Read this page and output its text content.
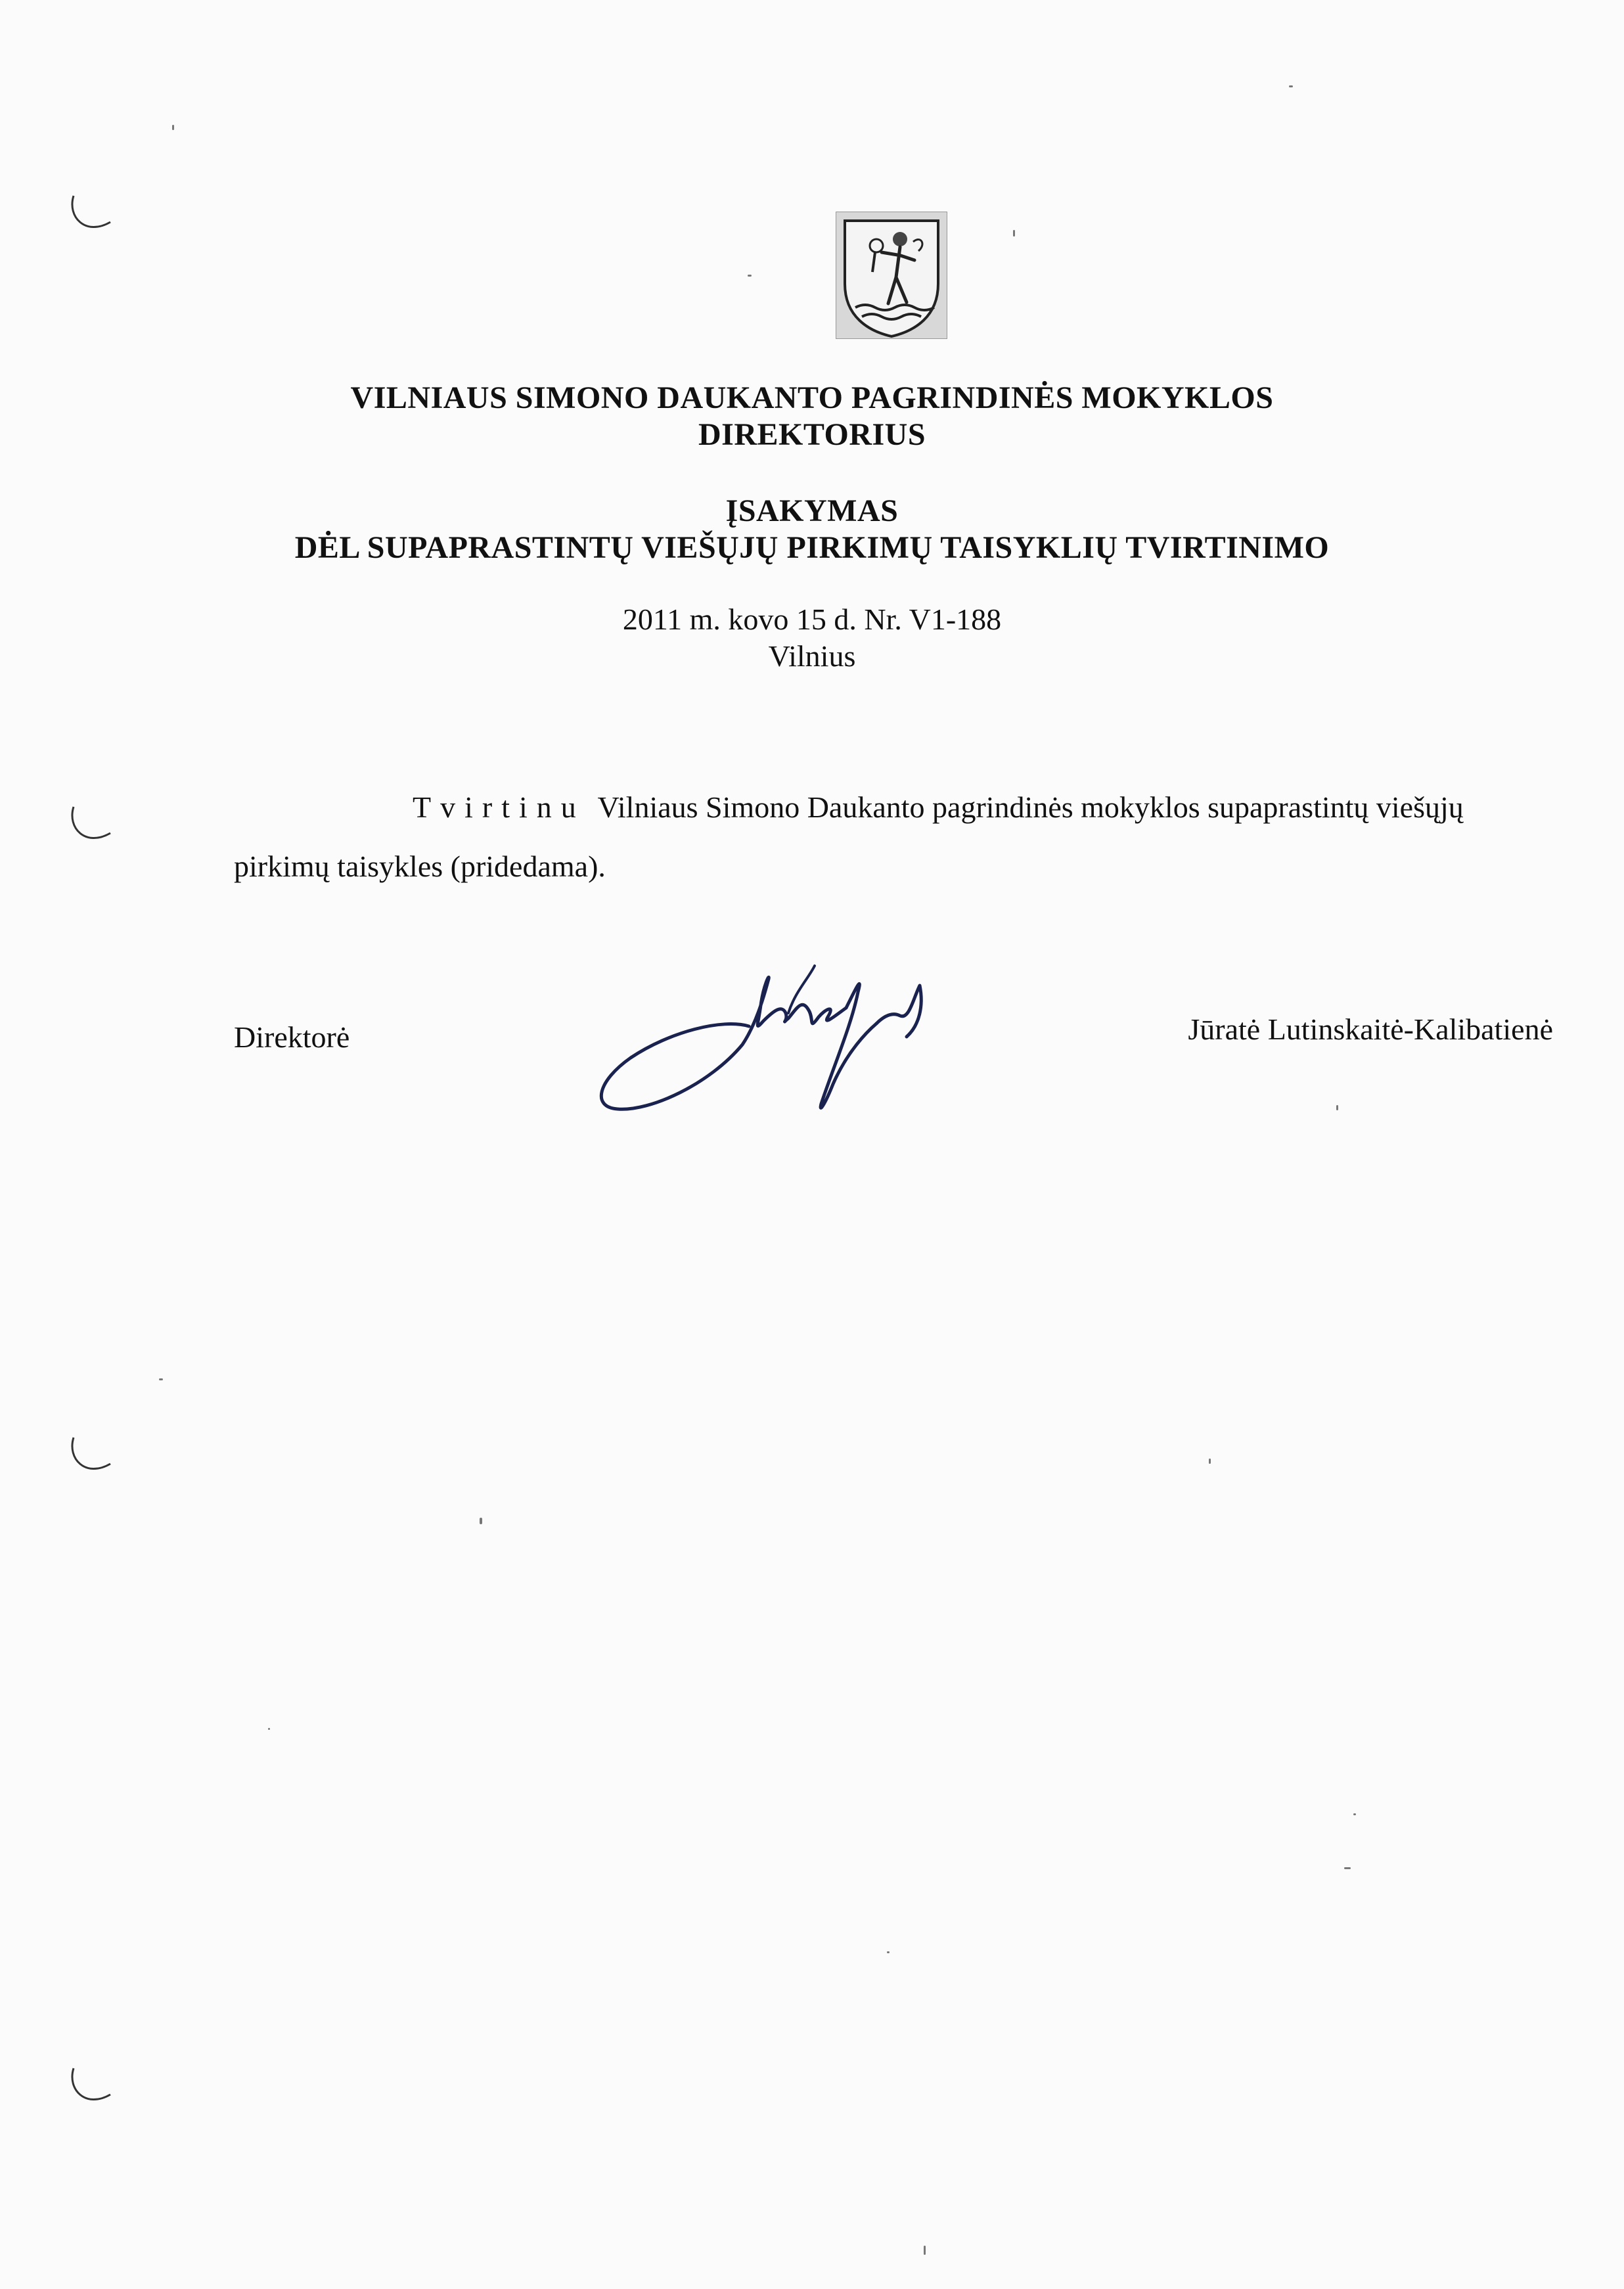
VILNIAUS SIMONO DAUKANTO PAGRINDINĖS MOKYKLOS
DIREKTORIUS
ĮSAKYMAS
DĖL SUPAPRASTINTŲ VIEŠŲJŲ PIRKIMŲ TAISYKLIŲ TVIRTINIMO
2011 m. kovo 15 d. Nr. V1-188
Vilnius
Tvirtinu Vilniaus Simono Daukanto pagrindinės mokyklos supaprastintų viešųjų
pirkimų taisykles (pridedama).
Direktorė	Jūratė Lutinskaitė-Kalibatienė
